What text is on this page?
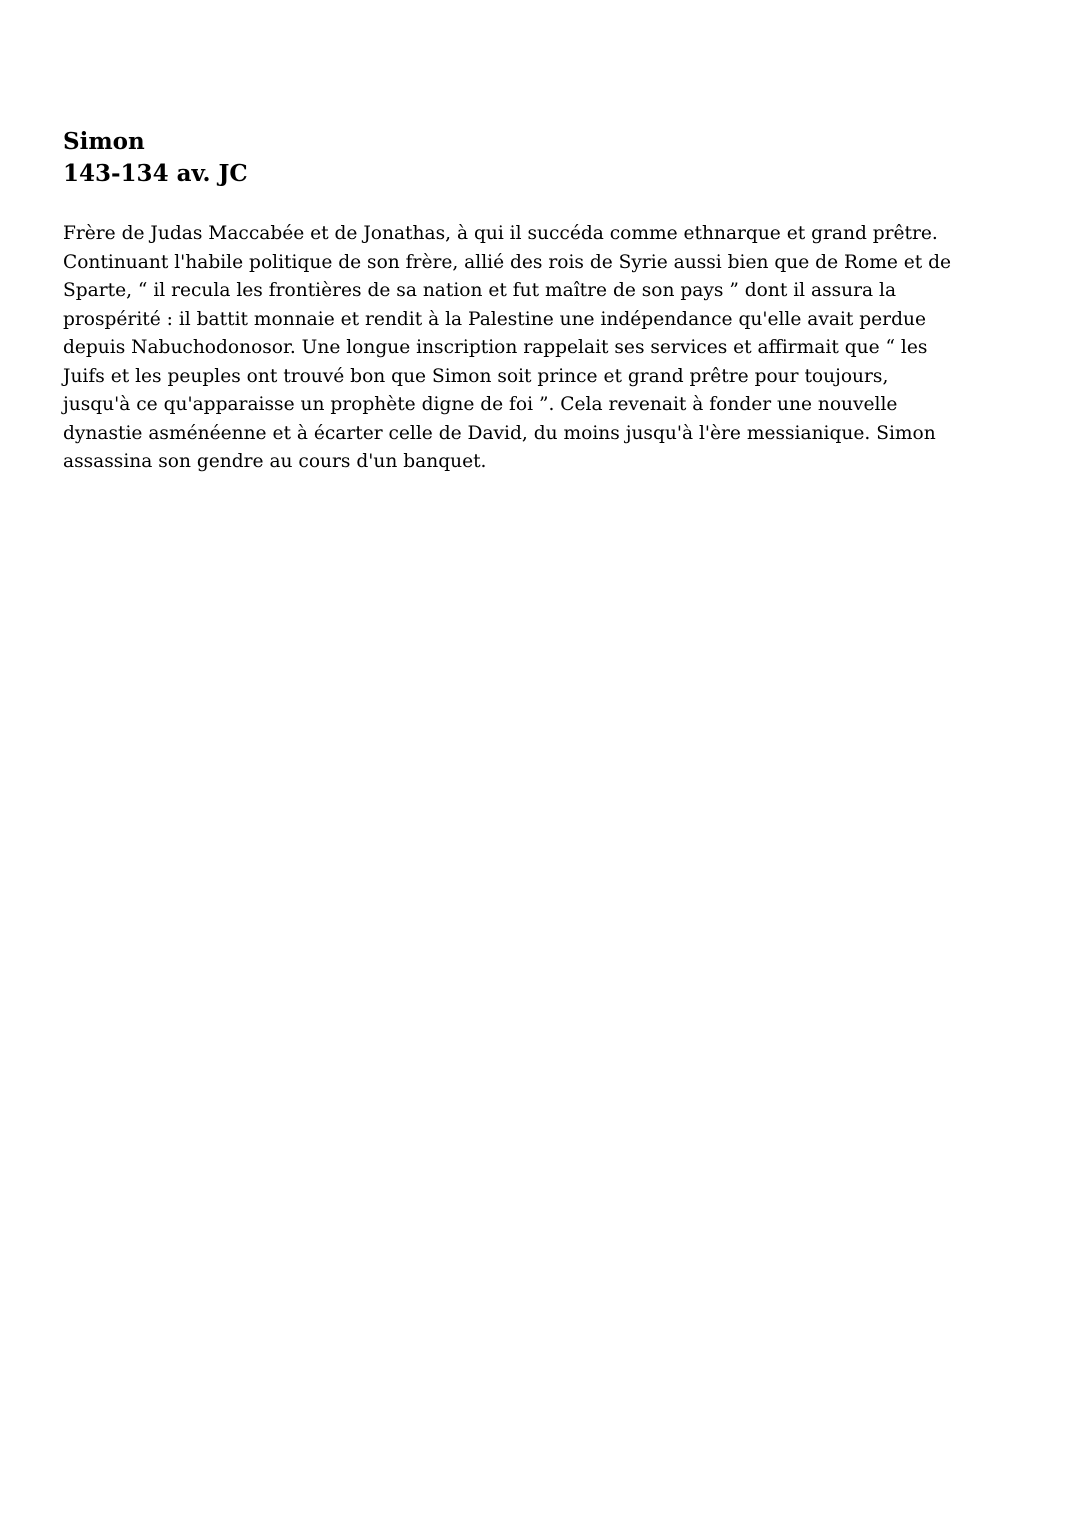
Simon
143-134 av. JC
Frère de Judas Maccabée et de Jonathas, à qui il succéda comme ethnarque et grand prêtre.
Continuant l'habile politique de son frère, allié des rois de Syrie aussi bien que de Rome et de
Sparte, “ il recula les frontières de sa nation et fut maître de son pays ” dont il assura la
prospérité : il battit monnaie et rendit à la Palestine une indépendance qu'elle avait perdue
depuis Nabuchodonosor. Une longue inscription rappelait ses services et affirmait que “ les
Juifs et les peuples ont trouvé bon que Simon soit prince et grand prêtre pour toujours,
jusqu'à ce qu'apparaisse un prophète digne de foi ”. Cela revenait à fonder une nouvelle
dynastie asménéenne et à écarter celle de David, du moins jusqu'à l'ère messianique. Simon
assassina son gendre au cours d'un banquet.
